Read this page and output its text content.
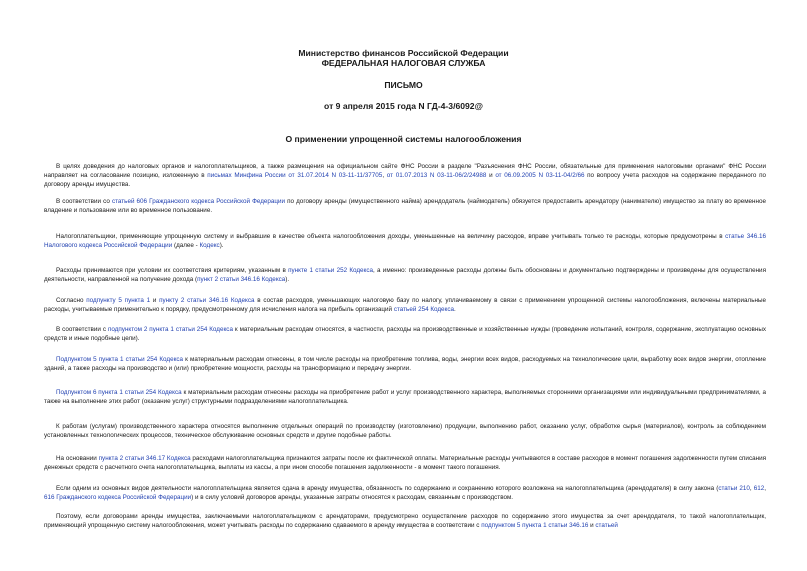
Министерство финансов Российской Федерации
ФЕДЕРАЛЬНАЯ НАЛОГОВАЯ СЛУЖБА
ПИСЬМО
от 9 апреля 2015 года N ГД-4-3/6092@
О применении упрощенной системы налогообложения

В целях доведения до налоговых органов и налогоплательщиков, а также размещения на официальном сайте ФНС России в разделе "Разъяснения ФНС России, обязательные для применения налоговыми органами" ФНС России направляет на согласование позицию, изложенную в письмах Минфина России от 31.07.2014 N 03-11-11/37705, от 01.07.2013 N 03-11-06/2/24988 и от 06.09.2005 N 03-11-04/2/66 по вопросу учета расходов на содержание переданного по договору аренды имущества.

В соответствии со статьей 606 Гражданского кодекса Российской Федерации по договору аренды (имущественного найма) арендодатель (наймодатель) обязуется предоставить арендатору (нанимателю) имущество за плату во временное владение и пользование или во временное пользование.

Налогоплательщики, применяющие упрощенную систему и выбравшие в качестве объекта налогообложения доходы, уменьшенные на величину расходов, вправе учитывать только те расходы, которые предусмотрены в статье 346.16 Налогового кодекса Российской Федерации (далее - Кодекс).

Расходы принимаются при условии их соответствия критериям, указанным в пункте 1 статьи 252 Кодекса, а именно: произведенные расходы должны быть обоснованы и документально подтверждены и произведены для осуществления деятельности, направленной на получение дохода (пункт 2 статьи 346.16 Кодекса).

Согласно подпункту 5 пункта 1 и пункту 2 статьи 346.16 Кодекса в состав расходов, уменьшающих налоговую базу по налогу, уплачиваемому в связи с применением упрощенной системы налогообложения, включены материальные расходы, учитываемые применительно к порядку, предусмотренному для исчисления налога на прибыль организаций статьей 254 Кодекса.

В соответствии с подпунктом 2 пункта 1 статьи 254 Кодекса к материальным расходам относятся, в частности, расходы на производственные и хозяйственные нужды (проведение испытаний, контроля, содержание, эксплуатацию основных средств и иные подобные цели).

Подпунктом 5 пункта 1 статьи 254 Кодекса к материальным расходам отнесены, в том числе расходы на приобретение топлива, воды, энергии всех видов, расходуемых на технологические цели, выработку всех видов энергии, отопление зданий, а также расходы на производство и (или) приобретение мощности, расходы на трансформацию и передачу энергии.

Подпунктом 6 пункта 1 статьи 254 Кодекса к материальным расходам отнесены расходы на приобретение работ и услуг производственного характера, выполняемых сторонними организациями или индивидуальными предпринимателями, а также на выполнение этих работ (оказание услуг) структурными подразделениями налогоплательщика.

К работам (услугам) производственного характера относятся выполнение отдельных операций по производству (изготовлению) продукции, выполнению работ, оказанию услуг, обработке сырья (материалов), контроль за соблюдением установленных технологических процессов, техническое обслуживание основных средств и другие подобные работы.

На основании пункта 2 статьи 346.17 Кодекса расходами налогоплательщика признаются затраты после их фактической оплаты. Материальные расходы учитываются в составе расходов в момент погашения задолженности путем списания денежных средств с расчетного счета налогоплательщика, выплаты из кассы, а при ином способе погашения задолженности - в момент такого погашения.

Если одним из основных видов деятельности налогоплательщика является сдача в аренду имущества, обязанность по содержанию и сохранению которого возложена на налогоплательщика (арендодателя) в силу закона (статьи 210, 612, 616 Гражданского кодекса Российской Федерации) и в силу условий договоров аренды, указанные затраты относятся к расходам, связанным с производством.

Поэтому, если договорами аренды имущества, заключаемыми налогоплательщиком с арендаторами, предусмотрено осуществление расходов по содержанию этого имущества за счет арендодателя, то такой налогоплательщик, применяющий упрощенную систему налогообложения, может учитывать расходы по содержанию сдаваемого в аренду имущества в соответствии с подпунктом 5 пункта 1 статьи 346.16 и статьей
